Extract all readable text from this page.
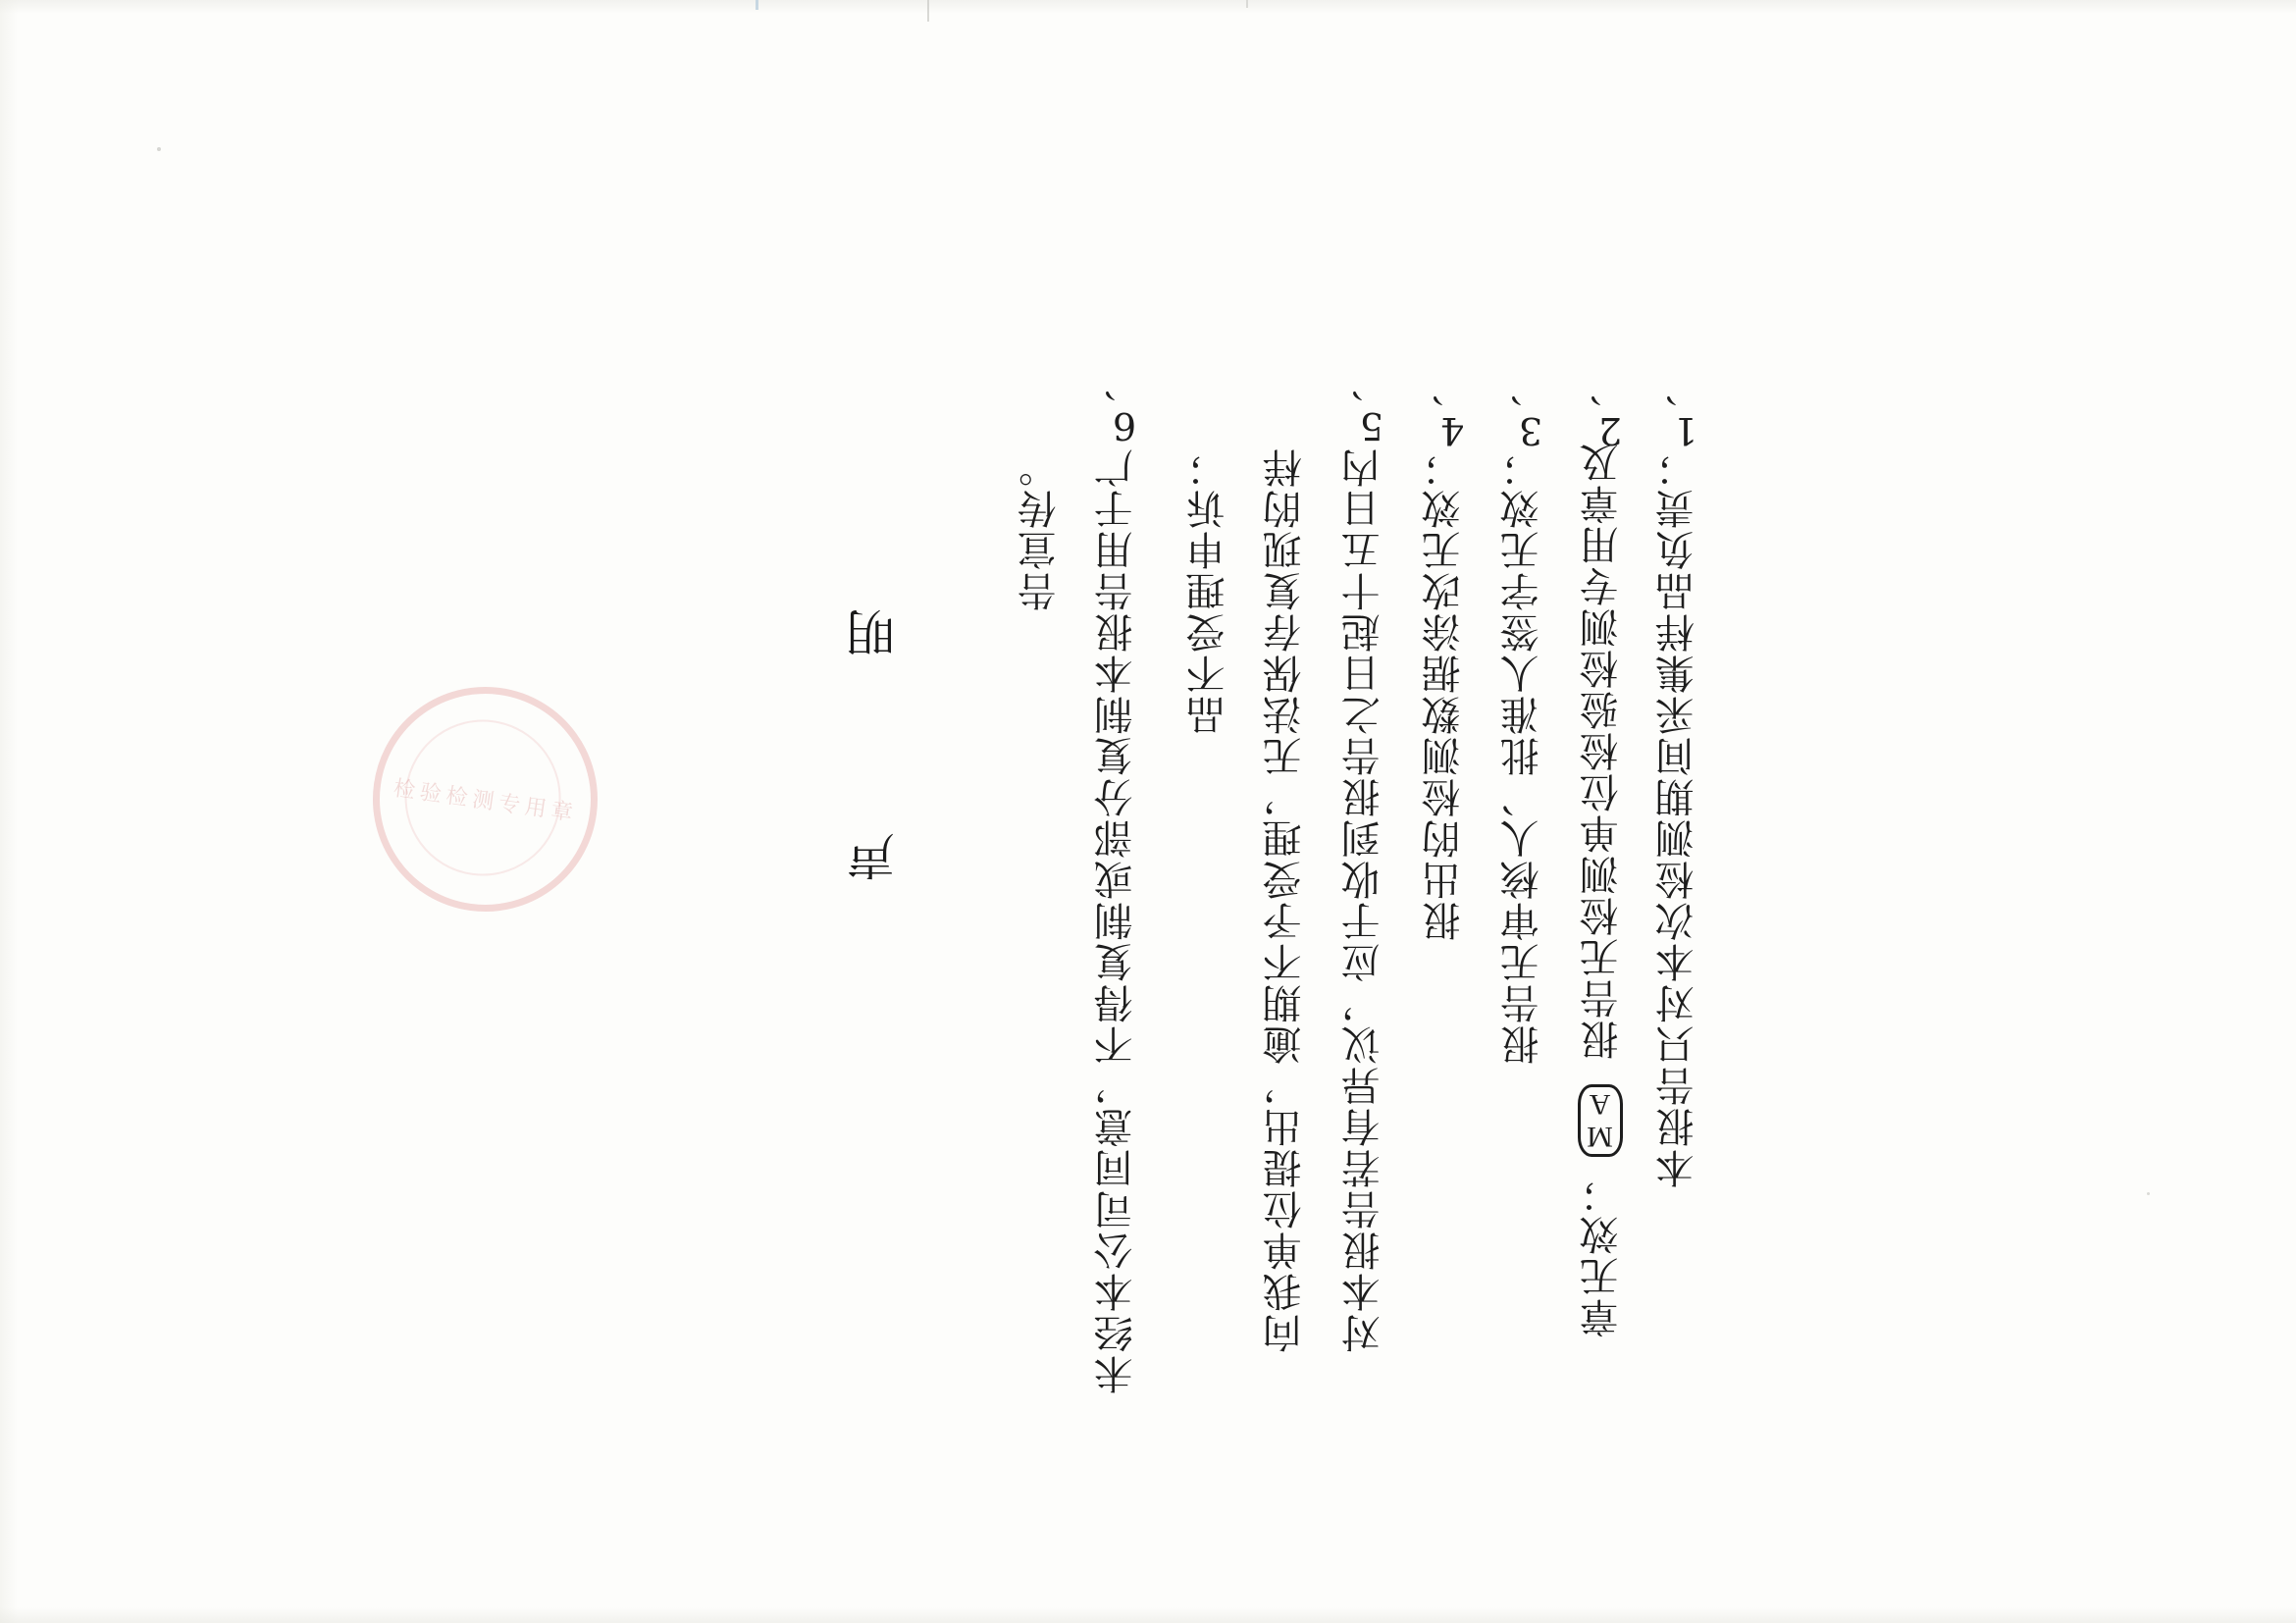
声 明
1、
本报告只对本次检测期间采集样品负责；
2、
报告无检测单位检验检测专用章及
MA
章无效；
3、
报告无审核人、批准人签字无效；
4、
报出的检测数据涂改无效；
5、
对本报告若有异议，应于收到报告之日起十五日内
向我单位提出，逾期不予受理，无法保存复现的样
品不受理申诉；
6、
未经本公司同意，不得复制或部分复制本报告用于广
告宣传。
检验检测专用章
